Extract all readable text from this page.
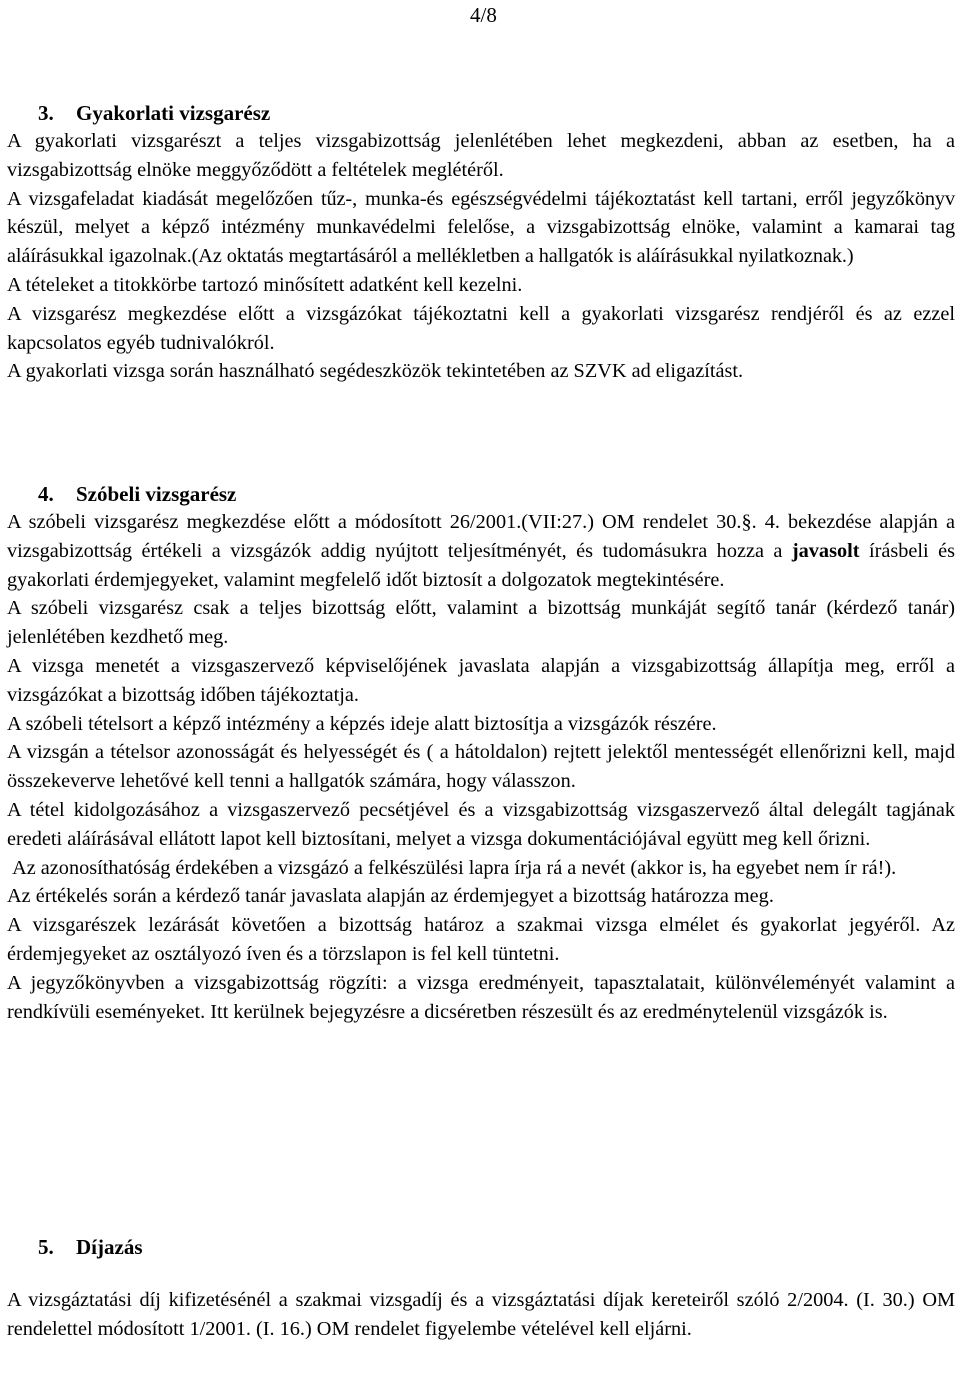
4/8
3. Gyakorlati vizsgarész

A gyakorlati vizsgarészt a teljes vizsgabizottság jelenlétében lehet megkezdeni, abban az esetben, ha a vizsgabizottság elnöke meggyőződött a feltételek meglétéről.

A vizsgafeladat kiadását megelőzően tűz-, munka-és egészségvédelmi tájékoztatást kell tartani, erről jegyzőkönyv készül, melyet a képző intézmény munkavédelmi felelőse, a vizsgabizottság elnöke, valamint a kamarai tag aláírásukkal igazolnak.(Az oktatás megtartásáról a mellékletben a hallgatók is aláírásukkal nyilatkoznak.)

A tételeket a titokkörbe tartozó minősített adatként kell kezelni.

A vizsgarész megkezdése előtt a vizsgázókat tájékoztatni kell a gyakorlati vizsgarész rendjéről és az ezzel kapcsolatos egyéb tudnivalókról.

A gyakorlati vizsga során használható segédeszközök tekintetében az SZVK ad eligazítást.

4. Szóbeli vizsgarész

A szóbeli vizsgarész megkezdése előtt a módosított 26/2001.(VII:27.) OM rendelet 30.§. 4. bekezdése alapján a vizsgabizottság értékeli a vizsgázók addig nyújtott teljesítményét, és tudomásukra hozza a javasolt írásbeli és gyakorlati érdemjegyeket, valamint megfelelő időt biztosít a dolgozatok megtekintésére.

A szóbeli vizsgarész csak a teljes bizottság előtt, valamint a bizottság munkáját segítő tanár (kérdező tanár) jelenlétében kezdhető meg.

A vizsga menetét a vizsgaszervező képviselőjének javaslata alapján a vizsgabizottság állapítja meg, erről a vizsgázókat a bizottság időben tájékoztatja.

A szóbeli tételsort a képző intézmény a képzés ideje alatt biztosítja a vizsgázók részére.

A vizsgán a tételsor azonosságát és helyességét és ( a hátoldalon) rejtett jelektől mentességét ellenőrizni kell, majd összekeverve lehetővé kell tenni a hallgatók számára, hogy válasszon.

A tétel kidolgozásához a vizsgaszervező pecsétjével és a vizsgabizottság vizsgaszervező által delegált tagjának eredeti aláírásával ellátott lapot kell biztosítani, melyet a vizsga dokumentációjával együtt meg kell őrizni.

Az azonosíthatóság érdekében a vizsgázó a felkészülési lapra írja rá a nevét (akkor is, ha egyebet nem ír rá!).

Az értékelés során a kérdező tanár javaslata alapján az érdemjegyet a bizottság határozza meg.

A vizsgarészek lezárását követően a bizottság határoz a szakmai vizsga elmélet és gyakorlat jegyéről. Az érdemjegyeket az osztályozó íven és a törzslapon is fel kell tüntetni.

A jegyzőkönyvben a vizsgabizottság rögzíti: a vizsga eredményeit, tapasztalatait, különvéleményét valamint a rendkívüli eseményeket. Itt kerülnek bejegyzésre a dicséretben részesült és az eredménytelenül vizsgázók is.

5. Díjazás

A vizsgáztatási díj kifizetésénél a szakmai vizsgadíj és a vizsgáztatási díjak kereteiről szóló 2/2004. (I. 30.) OM rendelettel módosított 1/2001. (I. 16.) OM rendelet figyelembe vételével kell eljárni.
